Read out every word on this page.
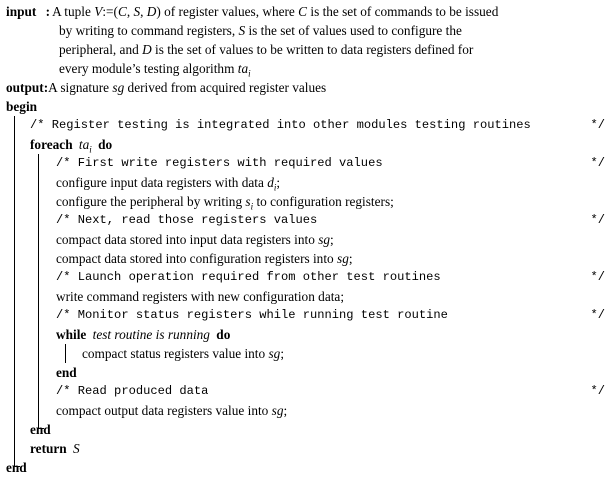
input : A tuple V:=(C, S, D) of register values, where C is the set of commands to be issued
by writing to command registers, S is the set of values used to configure the
peripheral, and D is the set of values to be written to data registers defined for
every module’s testing algorithm $ta_i$
output:A signature sg derived from acquired register values
begin
/* Register testing is integrated into other modules testing routines	*/
foreach $ta_i$ do
/* First write registers with required values	*/
configure input data registers with data $d_i$;
configure the peripheral by writing $s_i$ to configuration registers;
/* Next, read those registers values	*/
compact data stored into input data registers into sg;
compact data stored into configuration registers into sg;
/* Launch operation required from other test routines	*/
write command registers with new configuration data;
/* Monitor status registers while running test routine	*/
while test routine is running do
compact status registers value into sg;
end
/* Read produced data	*/
compact output data registers value into sg;
end
return S
end
